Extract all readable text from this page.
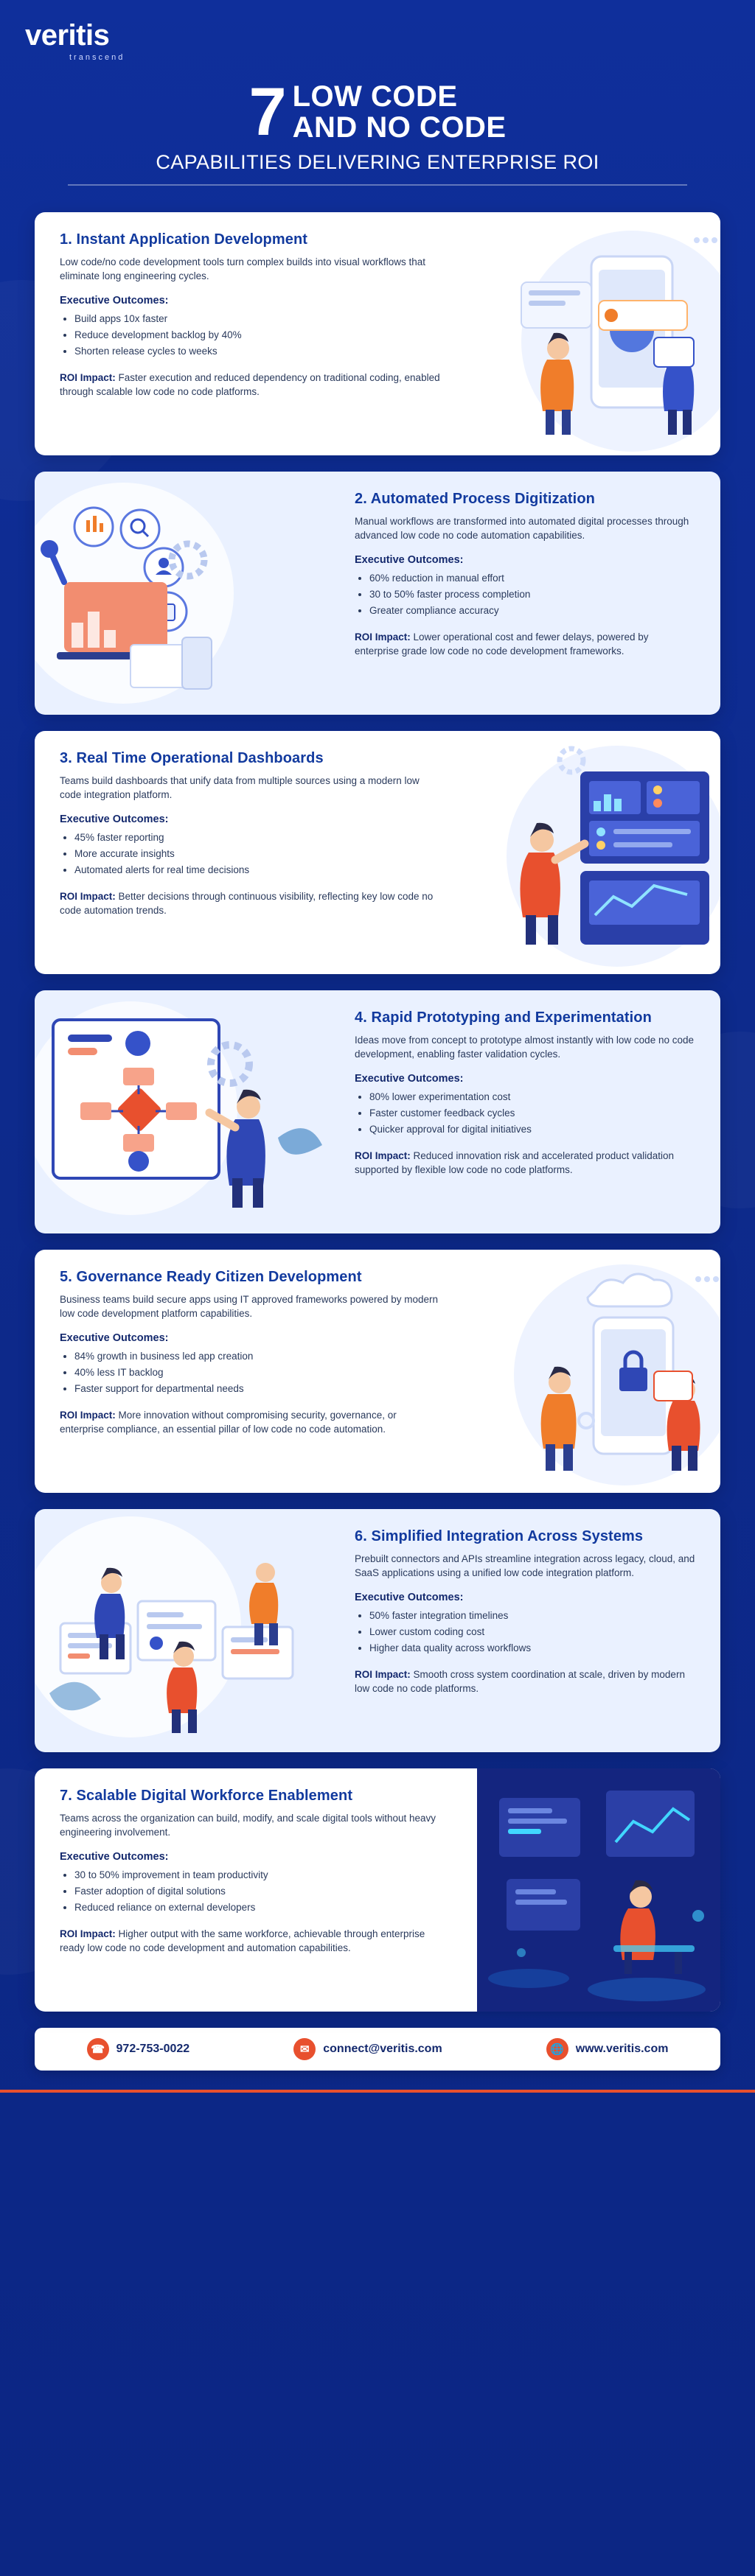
veritis
transcend
7 LOW CODE
AND NO CODE
CAPABILITIES DELIVERING ENTERPRISE ROI
1. Instant Application Development

Low code/no code development tools turn complex builds into visual workflows that eliminate long engineering cycles.

Executive Outcomes:
• Build apps 10x faster
• Reduce development backlog by 40%
• Shorten release cycles to weeks
ROI Impact: Faster execution and reduced dependency on traditional coding, enabled through scalable low code no code platforms.
2. Automated Process Digitization

Manual workflows are transformed into automated digital processes through advanced low code no code automation capabilities.

Executive Outcomes:
• 60% reduction in manual effort
• 30 to 50% faster process completion
• Greater compliance accuracy
ROI Impact: Lower operational cost and fewer delays, powered by enterprise grade low code no code development frameworks.
3. Real Time Operational Dashboards

Teams build dashboards that unify data from multiple sources using a modern low code integration platform.

Executive Outcomes:
• 45% faster reporting
• More accurate insights
• Automated alerts for real time decisions
ROI Impact: Better decisions through continuous visibility, reflecting key low code no code automation trends.
4. Rapid Prototyping and Experimentation

Ideas move from concept to prototype almost instantly with low code no code development, enabling faster validation cycles.

Executive Outcomes:
• 80% lower experimentation cost
• Faster customer feedback cycles
• Quicker approval for digital initiatives
ROI Impact: Reduced innovation risk and accelerated product validation supported by flexible low code no code platforms.
5. Governance Ready Citizen Development

Business teams build secure apps using IT approved frameworks powered by modern low code development platform capabilities.

Executive Outcomes:
• 84% growth in business led app creation
• 40% less IT backlog
• Faster support for departmental needs
ROI Impact: More innovation without compromising security, governance, or enterprise compliance, an essential pillar of low code no code automation.
6. Simplified Integration Across Systems

Prebuilt connectors and APIs streamline integration across legacy, cloud, and SaaS applications using a unified low code integration platform.

Executive Outcomes:
• 50% faster integration timelines
• Lower custom coding cost
• Higher data quality across workflows
ROI Impact: Smooth cross system coordination at scale, driven by modern low code no code platforms.
7. Scalable Digital Workforce Enablement

Teams across the organization can build, modify, and scale digital tools without heavy engineering involvement.

Executive Outcomes:
• 30 to 50% improvement in team productivity
• Faster adoption of digital solutions
• Reduced reliance on external developers
ROI Impact: Higher output with the same workforce, achievable through enterprise ready low code no code development and automation capabilities.
☎ 972-753-0022	✉	connect@veritis.com	🌐 www.veritis.com
